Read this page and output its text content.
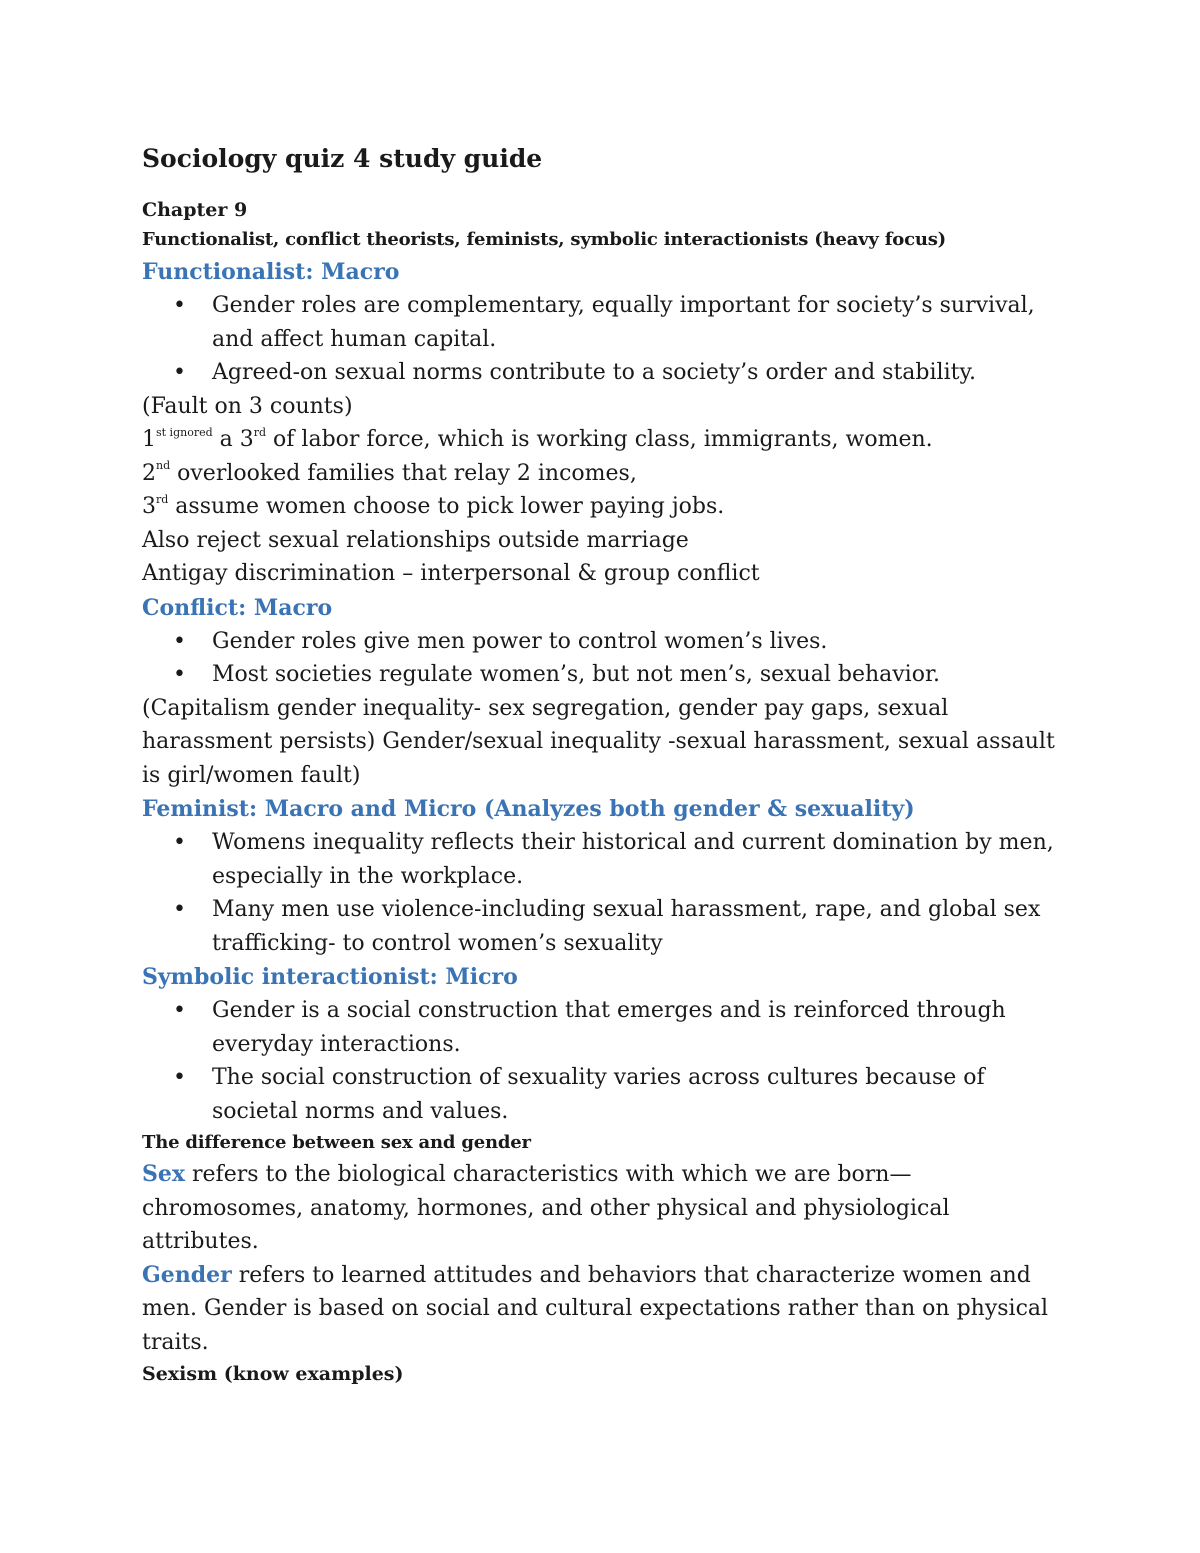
Sociology quiz 4 study guide
Chapter 9
Functionalist, conflict theorists, feminists, symbolic interactionists (heavy focus)
Functionalist: Macro
• Gender roles are complementary, equally important for society’s survival, and affect human capital.
• Agreed-on sexual norms contribute to a society’s order and stability.

(Fault on 3 counts)

$1^{st ignored}$ a 3rd of labor force, which is working class, immigrants, women.

2nd overlooked families that relay 2 incomes,

3rd assume women choose to pick lower paying jobs.

Also reject sexual relationships outside marriage

Antigay discrimination – interpersonal & group conflict

Conflict: Macro
• Gender roles give men power to control women’s lives.
• Most societies regulate women’s, but not men’s, sexual behavior.

(Capitalism gender inequality- sex segregation, gender pay gaps, sexual harassment persists) Gender/sexual inequality -sexual harassment, sexual assault is girl/women fault)

Feminist: Macro and Micro (Analyzes both gender & sexuality)
• Womens inequality reflects their historical and current domination by men, especially in the workplace.
• Many men use violence-including sexual harassment, rape, and global sex trafficking- to control women’s sexuality
Symbolic interactionist: Micro
• Gender is a social construction that emerges and is reinforced through everyday interactions.
• The social construction of sexuality varies across cultures because of societal norms and values.
The difference between sex and gender

Sex refers to the biological characteristics with which we are born—chromosomes, anatomy, hormones, and other physical and physiological attributes.

Gender refers to learned attitudes and behaviors that characterize women and men. Gender is based on social and cultural expectations rather than on physical traits.

Sexism (know examples)
